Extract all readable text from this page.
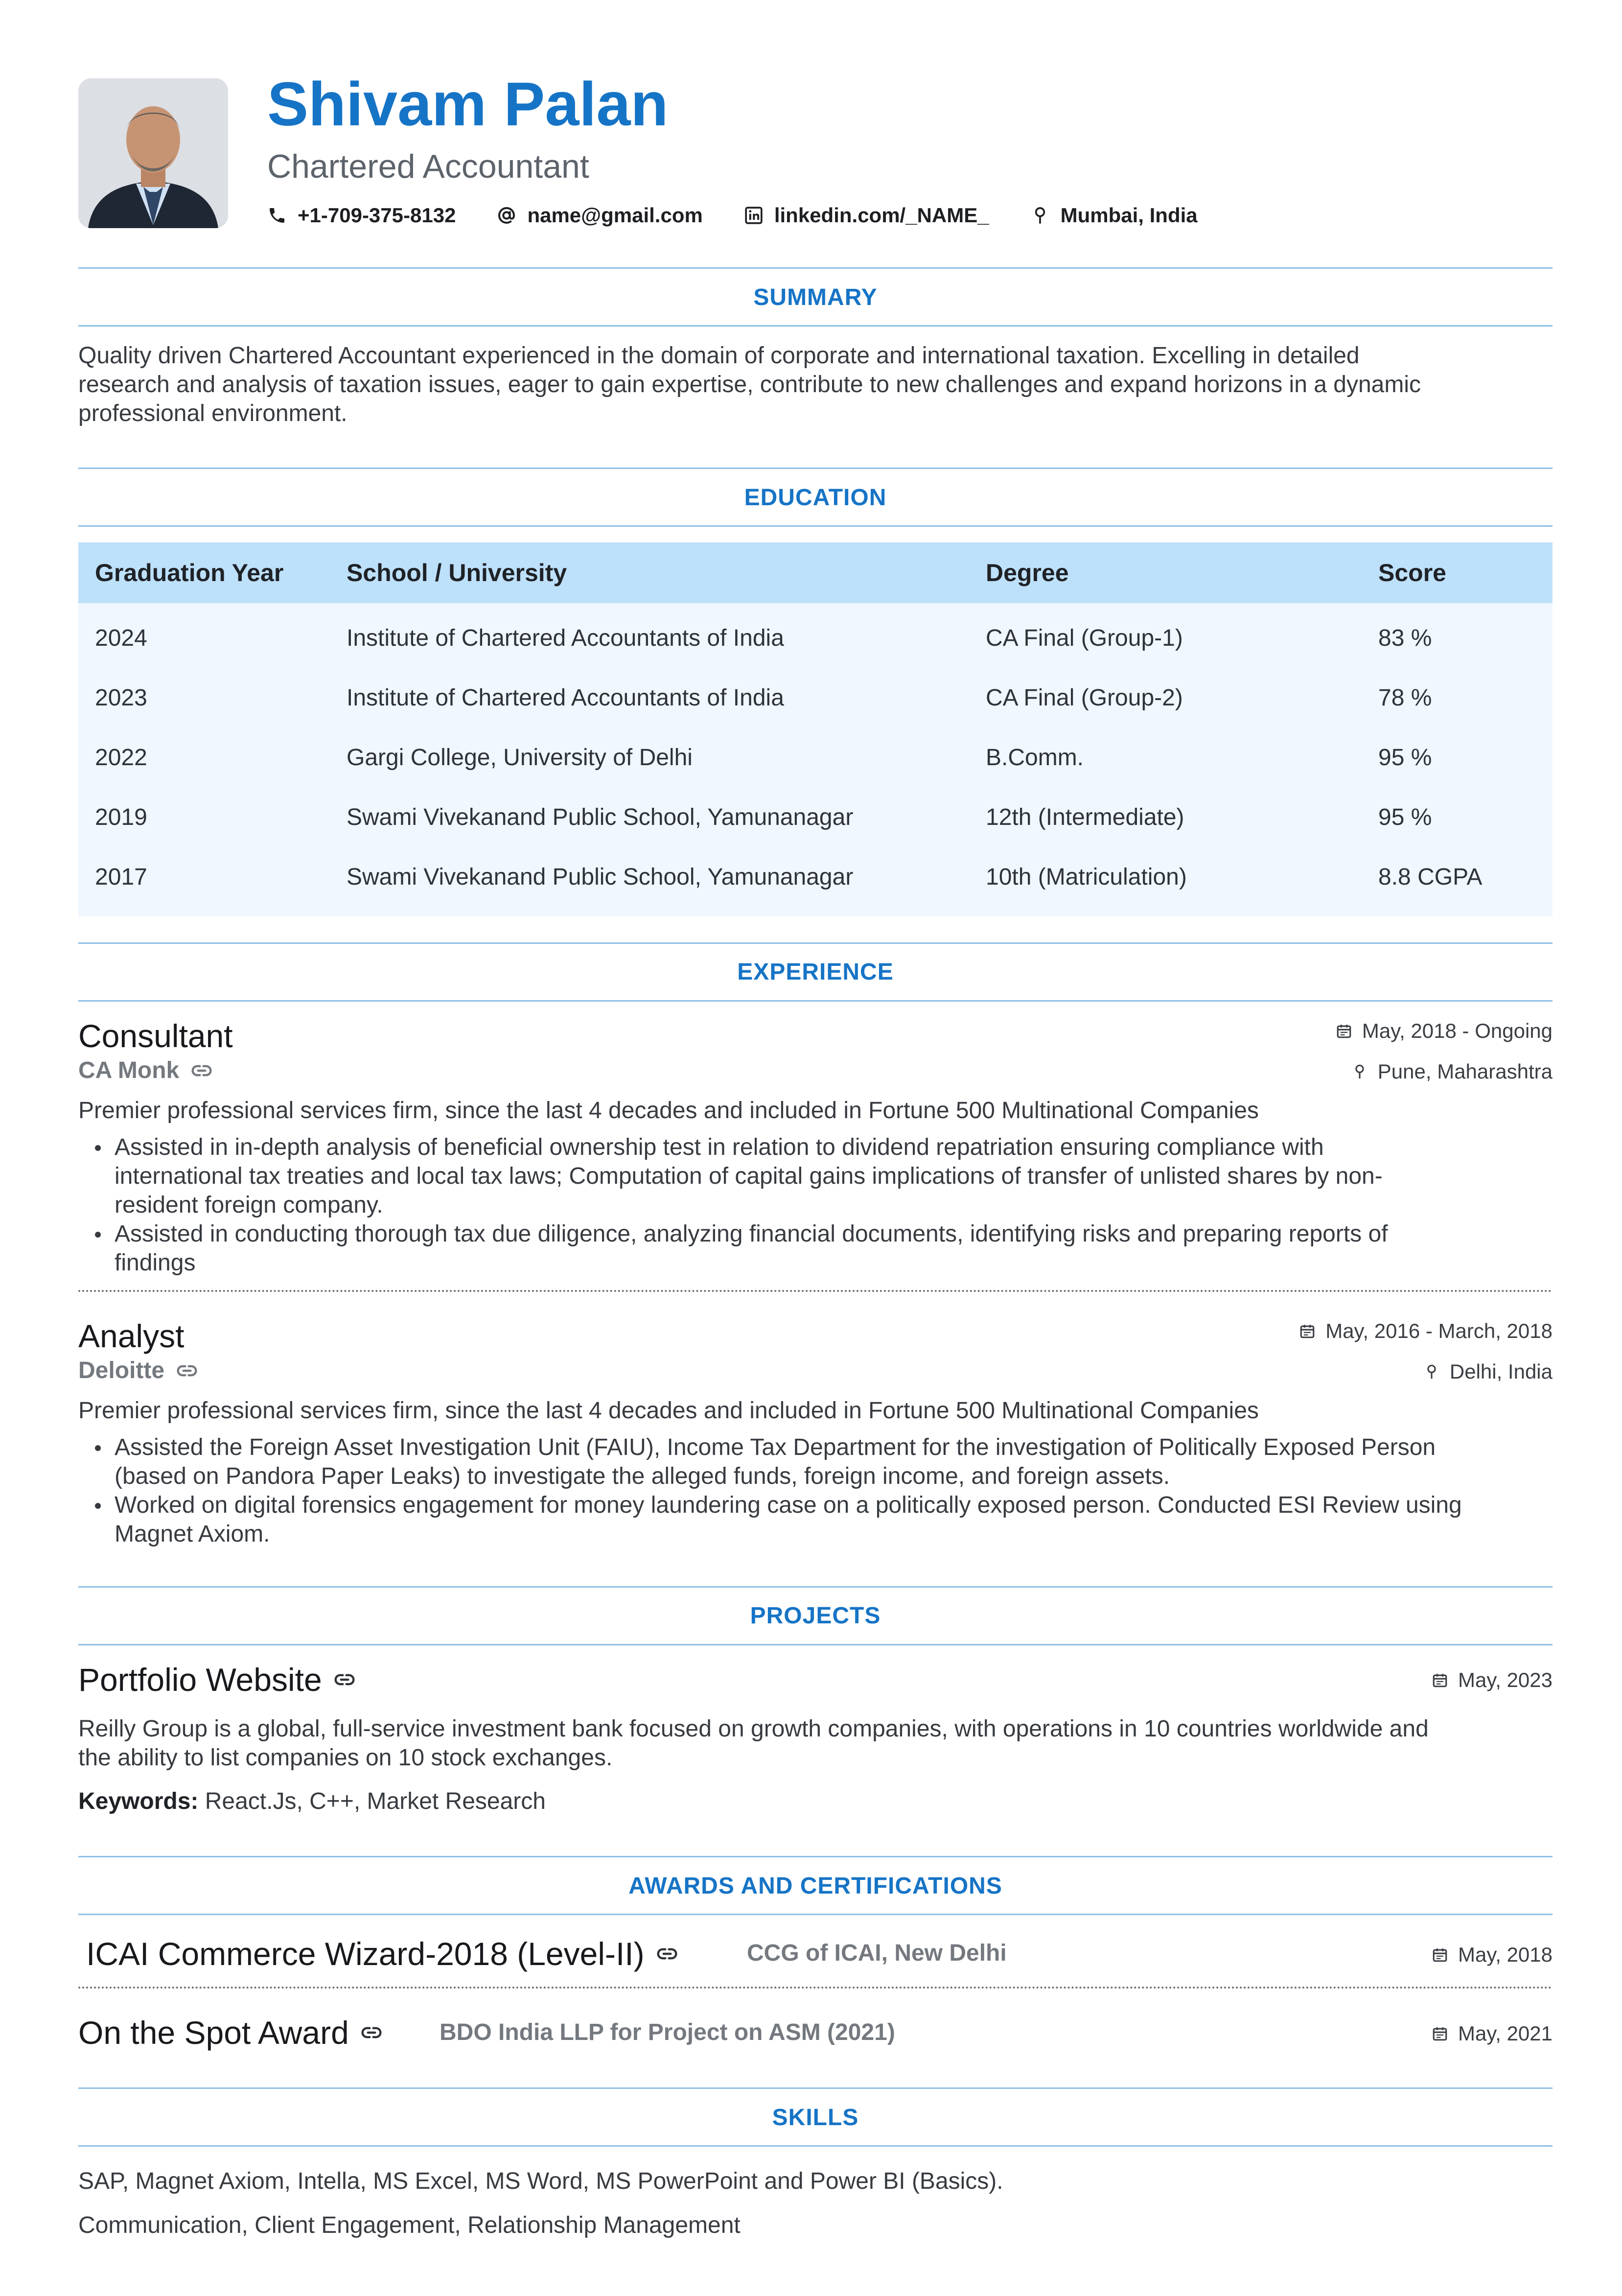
Shivam Palan
Chartered Accountant
+1-709-375-8132	name@gmail.com	linkedin.com/_NAME_	Mumbai, India
SUMMARY
Quality driven Chartered Accountant experienced in the domain of corporate and international taxation. Excelling in detailed
research and analysis of taxation issues, eager to gain expertise, contribute to new challenges and expand horizons in a dynamic
professional environment.
EDUCATION
Graduation Year	School / University	Degree	Score
2024	Institute of Chartered Accountants of India	CA Final (Group-1)	83 %
2023	Institute of Chartered Accountants of India	CA Final (Group-2)	78 %
2022	Gargi College, University of Delhi	B.Comm.	95 %
2019	Swami Vivekanand Public School, Yamunanagar	12th (Intermediate)	95 %
2017	Swami Vivekanand Public School, Yamunanagar	10th (Matriculation)	8.8 CGPA
EXPERIENCE
Consultant
CA Monk
May, 2018 - Ongoing
Pune, Maharashtra
Premier professional services firm, since the last 4 decades and included in Fortune 500 Multinational Companies
Assisted in in-depth analysis of beneficial ownership test in relation to dividend repatriation ensuring compliance with
international tax treaties and local tax laws; Computation of capital gains implications of transfer of unlisted shares by non-
resident foreign company.
Assisted in conducting thorough tax due diligence, analyzing financial documents, identifying risks and preparing reports of
findings
Analyst
Deloitte
May, 2016 - March, 2018
Delhi, India
Premier professional services firm, since the last 4 decades and included in Fortune 500 Multinational Companies
Assisted the Foreign Asset Investigation Unit (FAIU), Income Tax Department for the investigation of Politically Exposed Person
(based on Pandora Paper Leaks) to investigate the alleged funds, foreign income, and foreign assets.
Worked on digital forensics engagement for money laundering case on a politically exposed person. Conducted ESI Review using
Magnet Axiom.
PROJECTS
Portfolio Website	May, 2023
Reilly Group is a global, full-service investment bank focused on growth companies, with operations in 10 countries worldwide and
the ability to list companies on 10 stock exchanges.
Keywords: React.Js, C++, Market Research
AWARDS AND CERTIFICATIONS
ICAI Commerce Wizard-2018 (Level-II)	CCG of ICAI, New Delhi	May, 2018
On the Spot Award	BDO India LLP for Project on ASM (2021)	May, 2021
SKILLS
SAP, Magnet Axiom, Intella, MS Excel, MS Word, MS PowerPoint and Power BI (Basics).
Communication, Client Engagement, Relationship Management
